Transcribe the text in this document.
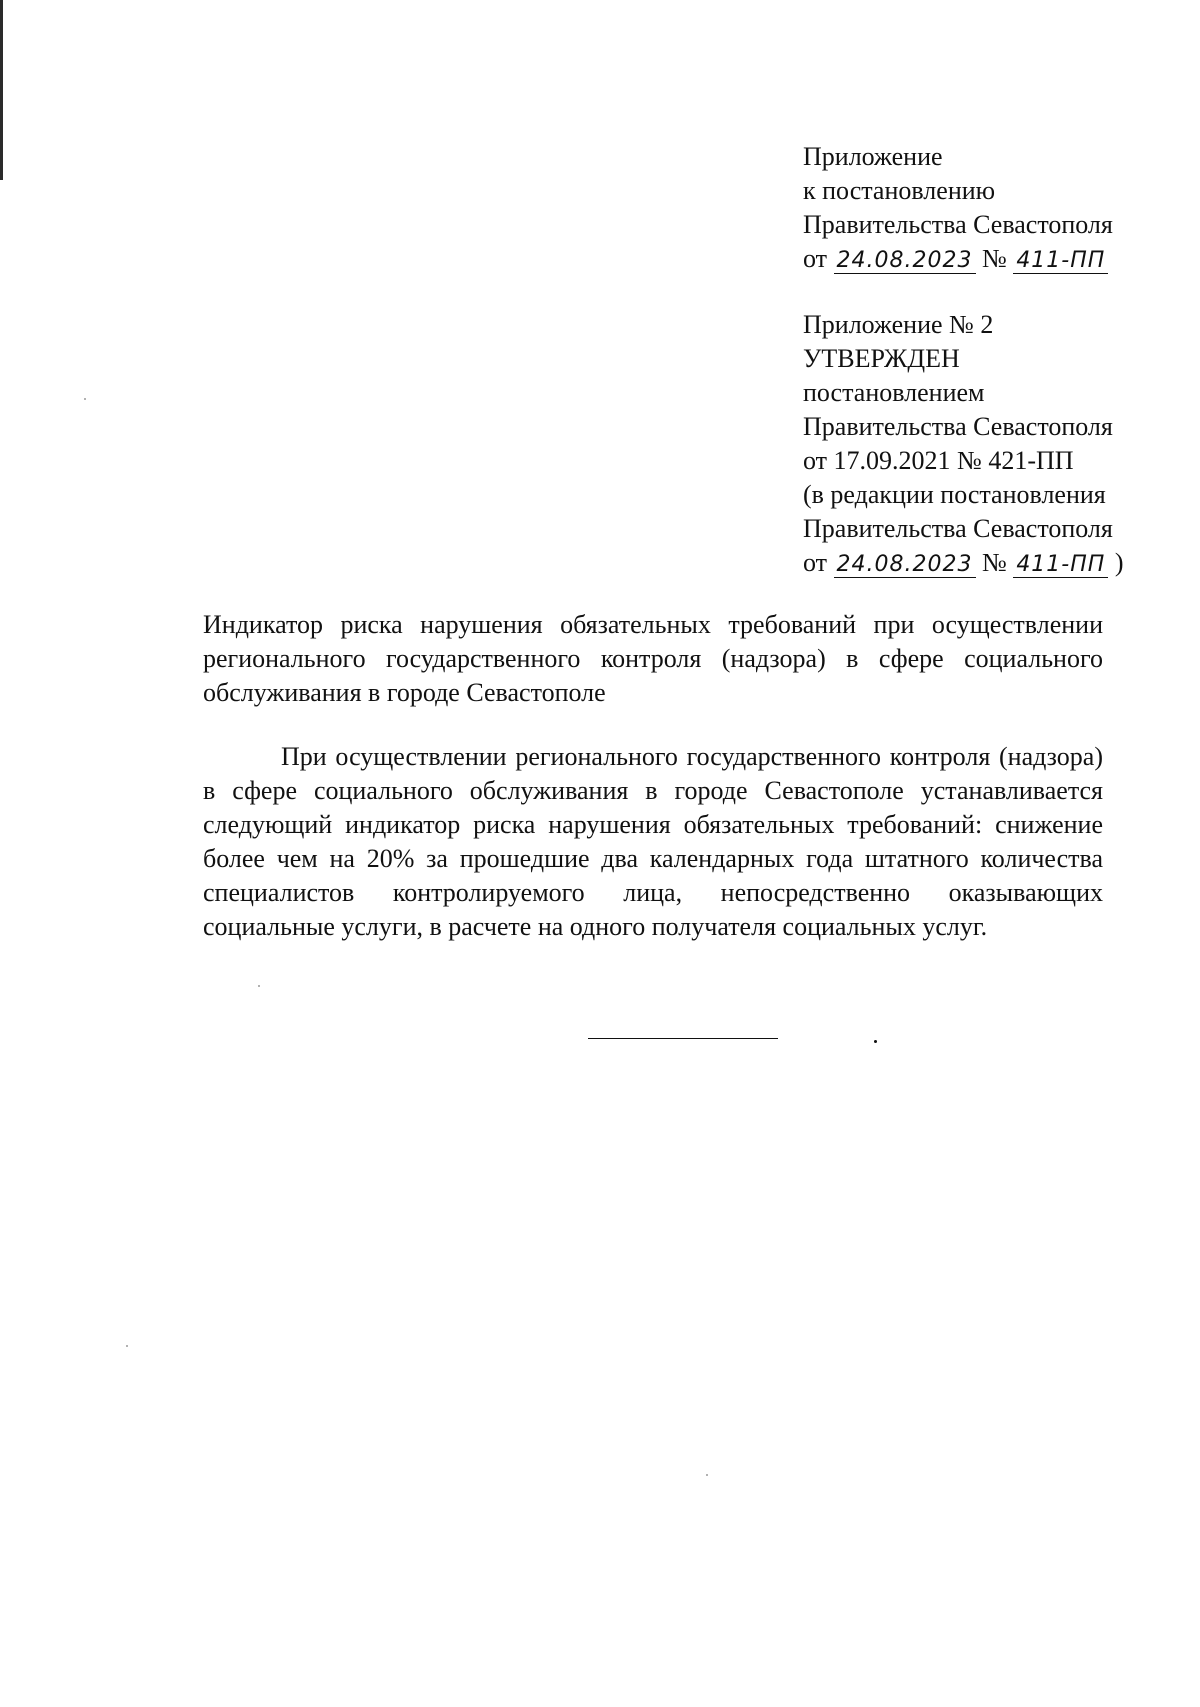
Приложение
к постановлению
Правительства Севастополя
от 24.08.2023 № 411-ПП
Приложение № 2
УТВЕРЖДЕН
постановлением
Правительства Севастополя
от 17.09.2021 № 421-ПП
(в редакции постановления
Правительства Севастополя
от 24.08.2023 № 411-ПП )
Индикатор риска нарушения обязательных требований при осуществлении регионального государственного контроля (надзора) в сфере социального обслуживания в городе Севастополе
При осуществлении регионального государственного контроля (надзора) в сфере социального обслуживания в городе Севастополе устанавливается следующий индикатор риска нарушения обязательных требований: снижение более чем на 20% за прошедшие два календарных года штатного количества специалистов контролируемого лица, непосредственно оказывающих социальные услуги, в расчете на одного получателя социальных услуг.
